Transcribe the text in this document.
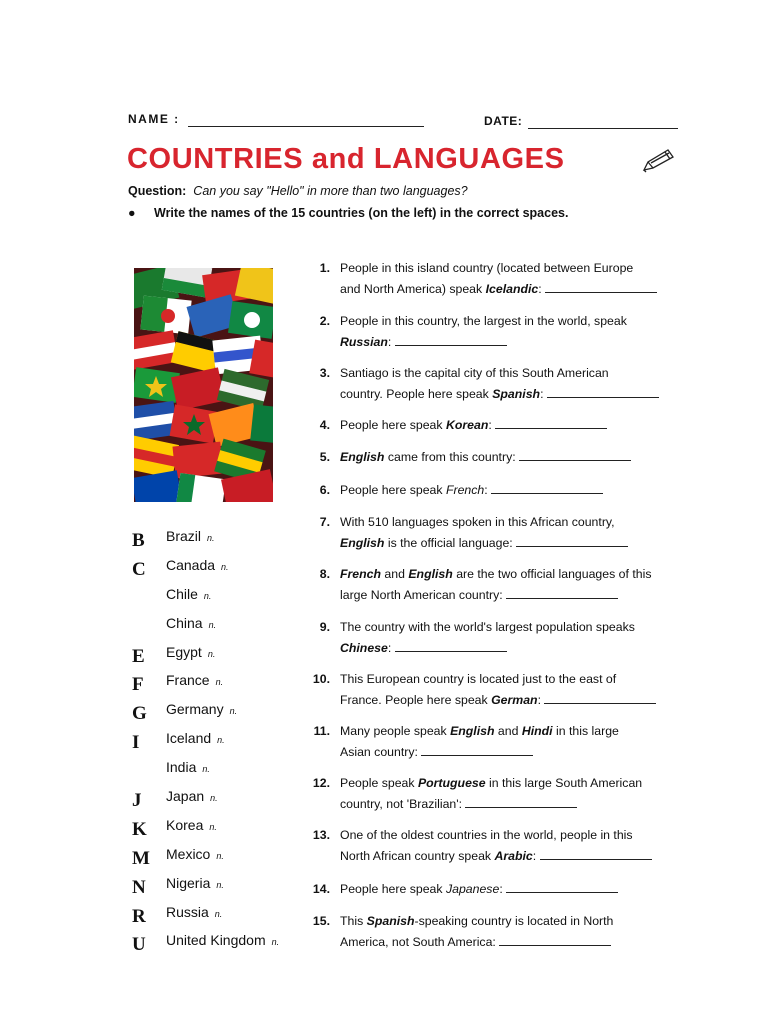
NAME :	DATE:
COUNTRIES and LANGUAGES
Question: Can you say "Hello" in more than two languages?
● Write the names of the 15 countries (on the left) in the correct spaces.
B	Brazil n.
C	Canada n.
Chile n.
China n.
E	Egypt n.
F	France n.
G	Germany n.
I	Iceland n.
India n.
J	Japan n.
K	Korea n.
M Mexico n.
N	Nigeria n.
R	Russia n.
U	United Kingdom n.
1. People in this island country (located between Europe
and North America) speak Icelandic:
2. People in this country, the largest in the world, speak
Russian:
3. Santiago is the capital city of this South American
country. People here speak Spanish:
4. People here speak Korean:
5. English came from this country:
6. People here speak French:
7. With 510 languages spoken in this African country,
English is the official language:
8. French and English are the two official languages of this
large North American country:
9. The country with the world's largest population speaks
Chinese:
10. This European country is located just to the east of
France. People here speak German:
11. Many people speak English and Hindi in this large
Asian country:
12. People speak Portuguese in this large South American
country, not 'Brazilian':
13. One of the oldest countries in the world, people in this
North African country speak Arabic:
14. People here speak Japanese:
15. This Spanish-speaking country is located in North
America, not South America:
